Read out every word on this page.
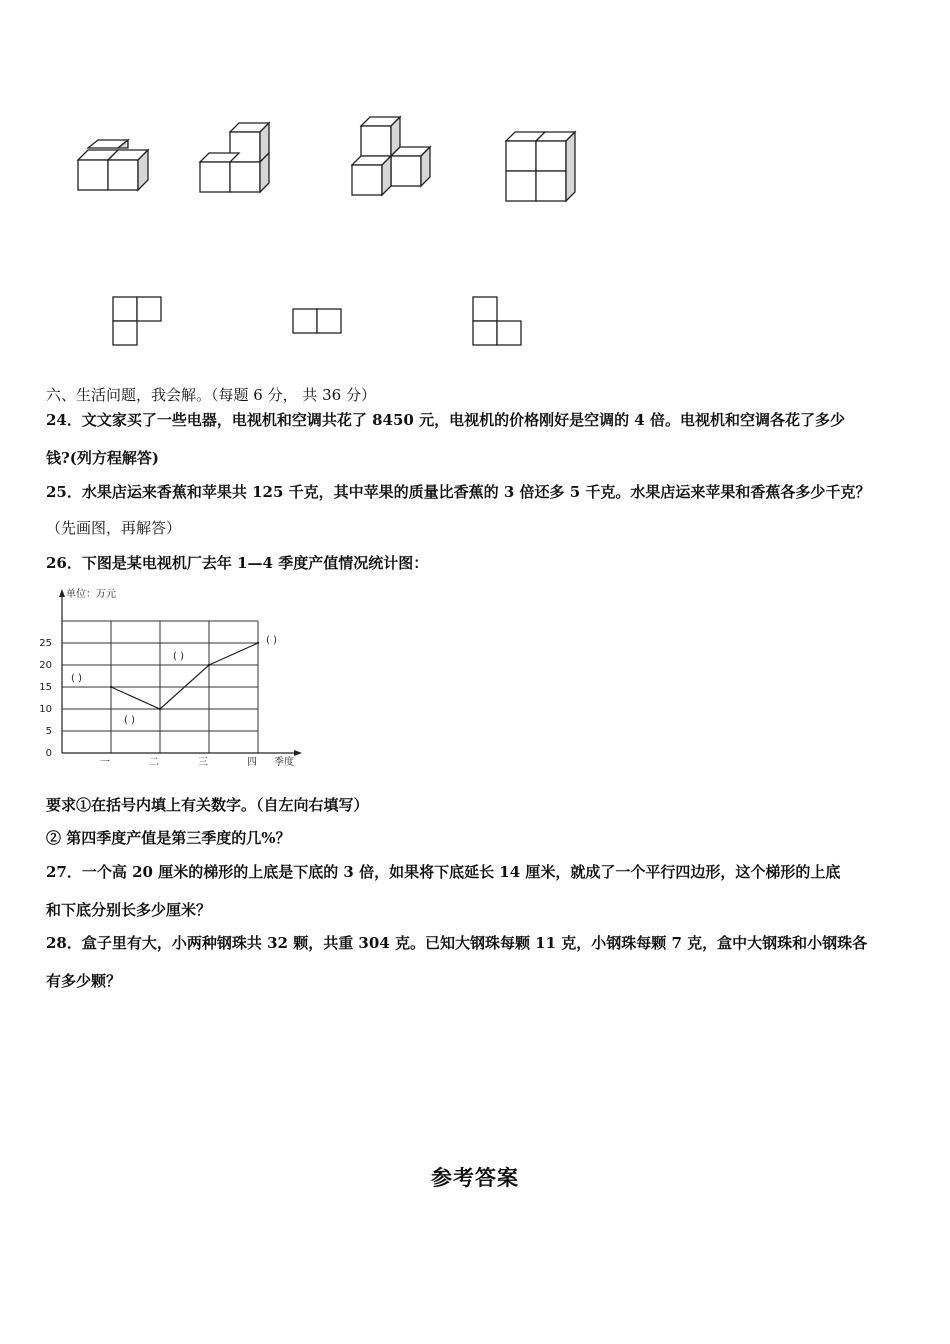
六、生活问题，我会解。（每题 6 分， 共 36 分）
24．文文家买了一些电器，电视机和空调共花了 8450 元，电视机的价格刚好是空调的 4 倍。电视机和空调各花了多少
钱?(列方程解答)
25．水果店运来香蕉和苹果共 125 千克，其中苹果的质量比香蕉的 3 倍还多 5 千克。水果店运来苹果和香蕉各多少千克？
（先画图，再解答）
26．下图是某电视机厂去年 1—4 季度产值情况统计图：
0
5
10
15
20
25
单位：万元
一	二	三	四 季度
( )
( )
( )
( )
要求①在括号内填上有关数字。（自左向右填写）
② 第四季度产值是第三季度的几%？
27．一个高 20 厘米的梯形的上底是下底的 3 倍，如果将下底延长 14 厘米，就成了一个平行四边形，这个梯形的上底
和下底分别长多少厘米？
28．盒子里有大，小两种钢珠共 32 颗，共重 304 克。已知大钢珠每颗 11 克，小钢珠每颗 7 克，盒中大钢珠和小钢珠各
有多少颗？
参考答案
